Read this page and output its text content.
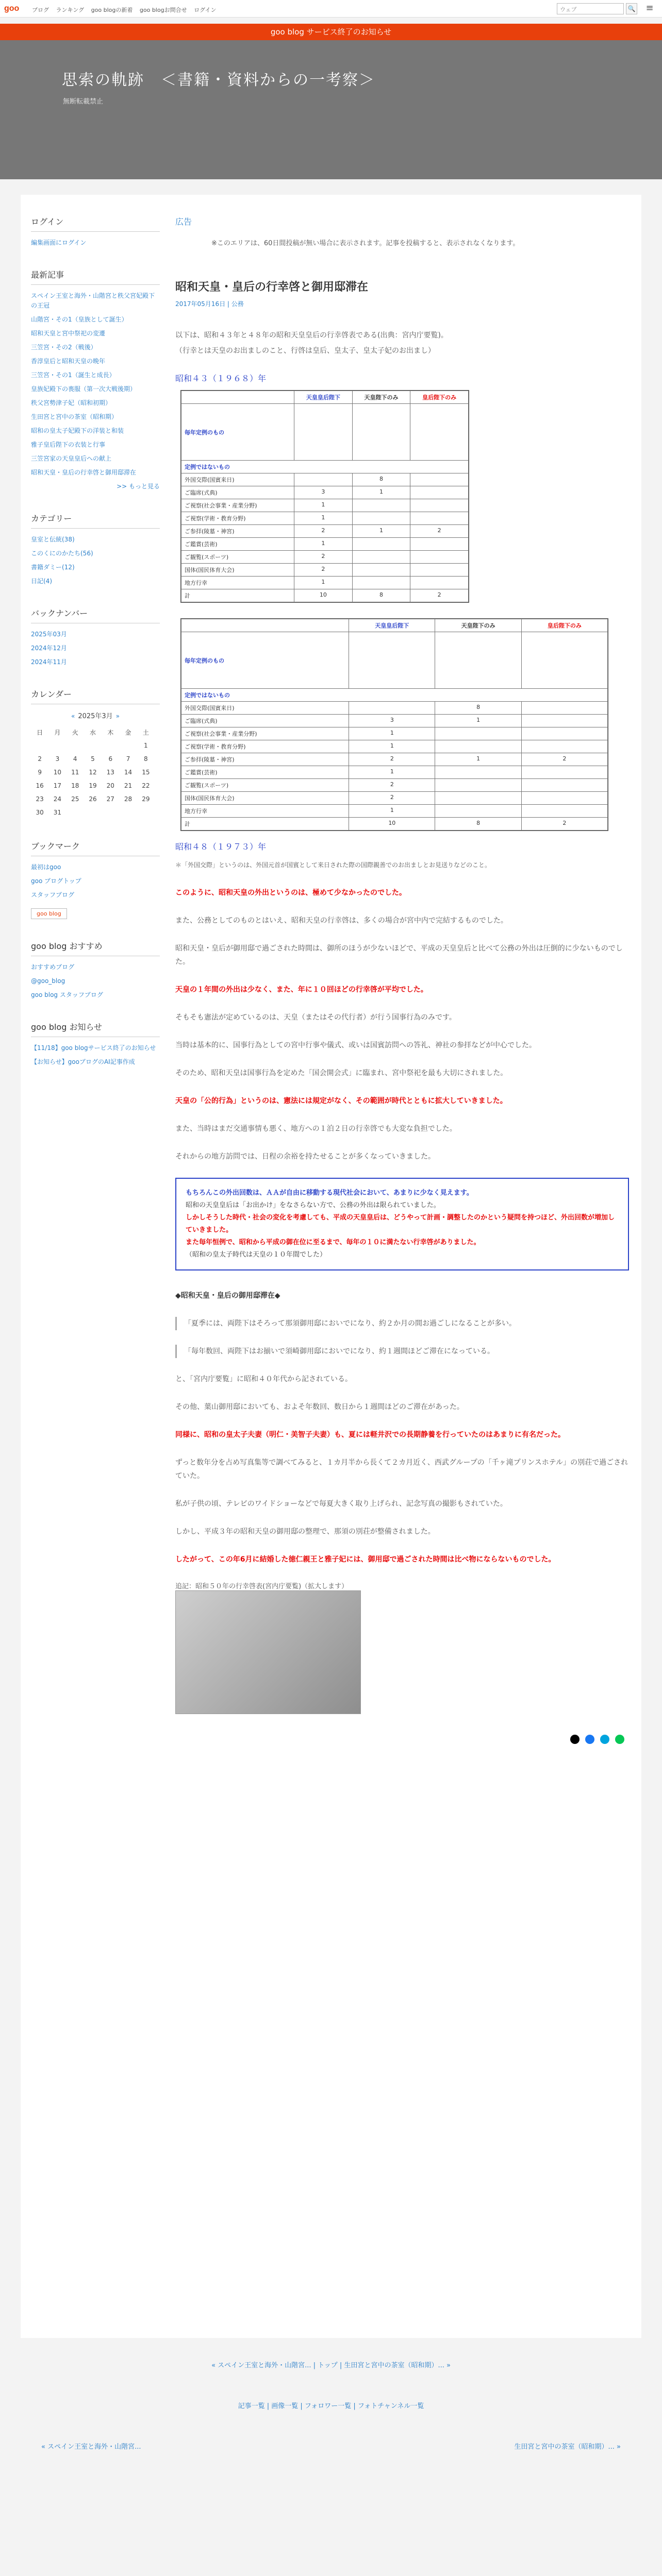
goo ブログ ランキング goo blogの新着 goo blogお問合せ ログイン	ウェブ	🔍	≡
goo blog サービス終了のお知らせ
思索の軌跡　＜書籍・資料からの一考察＞
無断転載禁止
ログイン
編集画面にログイン
最新記事
スペイン王室と海外・山階宮と秩父宮妃殿下の王冠
山階宮・その1（皇族として誕生）
昭和天皇と宮中祭祀の変遷
三笠宮・その2（戦後）
香淳皇后と昭和天皇の晩年
三笠宮・その1（誕生と成長）
皇族妃殿下の喪服（第一次大戦後期）
秩父宮勢津子妃（昭和初期）
生田宮と宮中の茶室（昭和期）
昭和の皇太子妃殿下の洋装と和装
雅子皇后陛下の衣装と行事
三笠宮家の天皇皇后への献上
昭和天皇・皇后の行幸啓と御用邸滞在
>> もっと見る
カテゴリー
皇室と伝統(38)
このくにのかたち(56)
書籍ダミー(12)
日記(4)
バックナンバー
2025年03月
2024年12月
2024年11月
カレンダー
« 2025年3月 »
日	月	火	水	木	金	土
						1
2	3	4	5	6	7	8
9	10	11	12	13	14	15
16	17	18	19	20	21	22
23	24	25	26	27	28	29
30	31					
ブックマーク
最初はgoo
goo ブログトップ
スタッフブログ
goo blog
goo blog おすすめ
おすすめブログ
@goo_blog
goo blog スタッフブログ
goo blog お知らせ
【11/18】goo blogサービス終了のお知らせ
【お知らせ】gooブログのAI記事作成
広告
※このエリアは、60日間投稿が無い場合に表示されます。記事を投稿すると、表示されなくなります。
昭和天皇・皇后の行幸啓と御用邸滞在
2017年05月16日 | 公務
以下は、昭和４３年と４８年の昭和天皇皇后の行幸啓表である(出典：宮内庁要覧)。
（行幸とは天皇のお出ましのこと、行啓は皇后、皇太子、皇太子妃のお出まし）
昭和４３（１９６８）年
	天皇皇后陛下	天皇陛下のみ	皇后陛下のみ
毎年定例のもの			
定例ではないもの			
外国交際(国賓来日)		8	
ご臨席(式典)	3	1	
ご視察(社会事業・産業分野)	1		
ご視察(学術・教育分野)	1		
ご参拝(陵墓・神宮)	2	1	2
ご鑑賞(芸術)	1		
ご観覧(スポーツ)	2		
国体(国民体育大会)	2		
地方行幸	1		
計	10	8	2
	天皇皇后陛下	天皇陛下のみ	皇后陛下のみ
毎年定例のもの			
定例ではないもの			
外国交際(国賓来日)		8	
ご臨席(式典)	3	1	
ご視察(社会事業・産業分野)	1		
ご視察(学術・教育分野)	1		
ご参拝(陵墓・神宮)	2	1	2
ご鑑賞(芸術)	1		
ご観覧(スポーツ)	2		
国体(国民体育大会)	2		
地方行幸	1		
計	10	8	2
昭和４８（１９７３）年
＊「外国交際」というのは、外国元首が国賓として来日された際の国際親善でのお出ましとお見送りなどのこと。
このように、昭和天皇の外出というのは、極めて少なかったのでした。
また、公務としてのものとはいえ、昭和天皇の行幸啓は、多くの場合が宮中内で完結するものでした。
昭和天皇・皇后が御用邸で過ごされた時間は、御所のほうが少ないほどで、平成の天皇皇后と比べて公務の外出は圧倒的に少ないものでした。
天皇の１年間の外出は少なく、また、年に１０回ほどの行幸啓が平均でした。
そもそも憲法が定めているのは、天皇（またはその代行者）が行う国事行為のみです。
当時は基本的に、国事行為としての宮中行事や儀式、或いは国賓訪問への答礼、神社の参拝などが中心でした。
そのため、昭和天皇は国事行為を定めた「国会開会式」に臨まれ、宮中祭祀を最も大切にされました。
天皇の「公的行為」というのは、憲法には規定がなく、その範囲が時代とともに拡大していきました。
また、当時はまだ交通事情も悪く、地方への１泊２日の行幸啓でも大変な負担でした。
それからの地方訪問では、日程の余裕を持たせることが多くなっていきました。

もちろんこの外出回数は、ＡＡが自由に移動する現代社会において、あまりに少なく見えます。

昭和の天皇皇后は「お出かけ」をなさらない方で、公務の外出は限られていました。

しかしそうした時代・社会の変化を考慮しても、平成の天皇皇后は、どうやって計画・調整したのかという疑問を持つほど、外出回数が増加していきました。

また毎年恒例で、昭和から平成の御在位に至るまで、毎年の１０に満たない行幸啓がありました。

（昭和の皇太子時代は天皇の１０年間でした）

◆昭和天皇・皇后の御用邸滞在◆
「夏季には、両陛下はそろって那須御用邸においでになり、約２か月の間お過ごしになることが多い。
「毎年数回、両陛下はお揃いで須崎御用邸においでになり、約１週間ほどご滞在になっている。
と、「宮内庁要覧」に昭和４０年代から記されている。
その他、葉山御用邸においても、およそ年数回、数日から１週間ほどのご滞在があった。
同様に、昭和の皇太子夫妻（明仁・美智子夫妻）も、夏には軽井沢での長期静養を行っていたのはあまりに有名だった。
ずっと数年分を占め写真集等で調べてみると、１カ月半から長くて２カ月近く、西武グループの「千ヶ滝プリンスホテル」の別荘で過ごされていた。
私が子供の頃、テレビのワイドショーなどで毎夏大きく取り上げられ、記念写真の撮影もされていた。
しかし、平成３年の昭和天皇の御用邸の整理で、那須の別荘が整備されました。
したがって、この年6月に結婚した徳仁親王と雅子妃には、御用邸で過ごされた時間は比べ物にならないものでした。
追記：昭和５０年の行幸啓表(宮内庁要覧)（拡大します）

« スペイン王室と海外・山階宮... | トップ | 生田宮と宮中の茶室（昭和期）... »
記事一覧 | 画像一覧 | フォロワー一覧 | フォトチャンネル一覧
« スペイン王室と海外・山階宮...	生田宮と宮中の茶室（昭和期）... »
